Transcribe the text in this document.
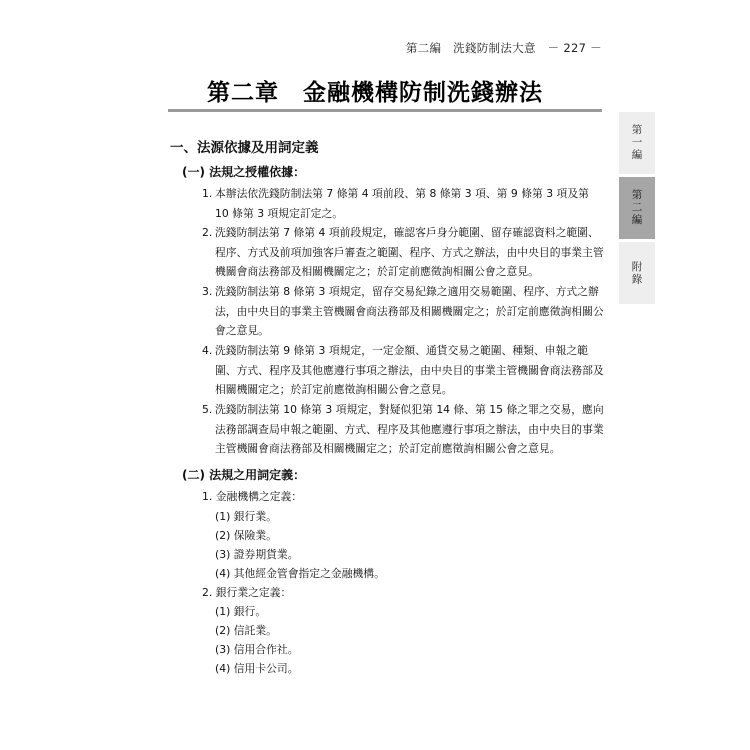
第二編 洗錢防制法大意 － 227 －
第二章　金融機構防制洗錢辦法
第一編
第二編
附錄
一、法源依據及用詞定義
(一) 法規之授權依據：
1. 本辦法依洗錢防制法第 7 條第 4 項前段、第 8 條第 3 項、第 9 條第 3 項及第 10 條第 3 項規定訂定之。
2. 洗錢防制法第 7 條第 4 項前段規定，確認客戶身分範圍、留存確認資料之範圍、程序、方式及前項加強客戶審查之範圍、程序、方式之辦法，由中央目的事業主管機關會商法務部及相關機關定之；於訂定前應徵詢相關公會之意見。
3. 洗錢防制法第 8 條第 3 項規定，留存交易紀錄之適用交易範圍、程序、方式之辦法，由中央目的事業主管機關會商法務部及相關機關定之；於訂定前應徵詢相關公會之意見。
4. 洗錢防制法第 9 條第 3 項規定，一定金額、通貨交易之範圍、種類、申報之範圍、方式、程序及其他應遵行事項之辦法，由中央目的事業主管機關會商法務部及相關機關定之；於訂定前應徵詢相關公會之意見。
5. 洗錢防制法第 10 條第 3 項規定，對疑似犯第 14 條、第 15 條之罪之交易，應向法務部調查局申報之範圍、方式、程序及其他應遵行事項之辦法，由中央目的事業主管機關會商法務部及相關機關定之；於訂定前應徵詢相關公會之意見。
(二) 法規之用詞定義：
1. 金融機構之定義：
(1) 銀行業。
(2) 保險業。
(3) 證券期貨業。
(4) 其他經金管會指定之金融機構。
2. 銀行業之定義：
(1) 銀行。
(2) 信託業。
(3) 信用合作社。
(4) 信用卡公司。
